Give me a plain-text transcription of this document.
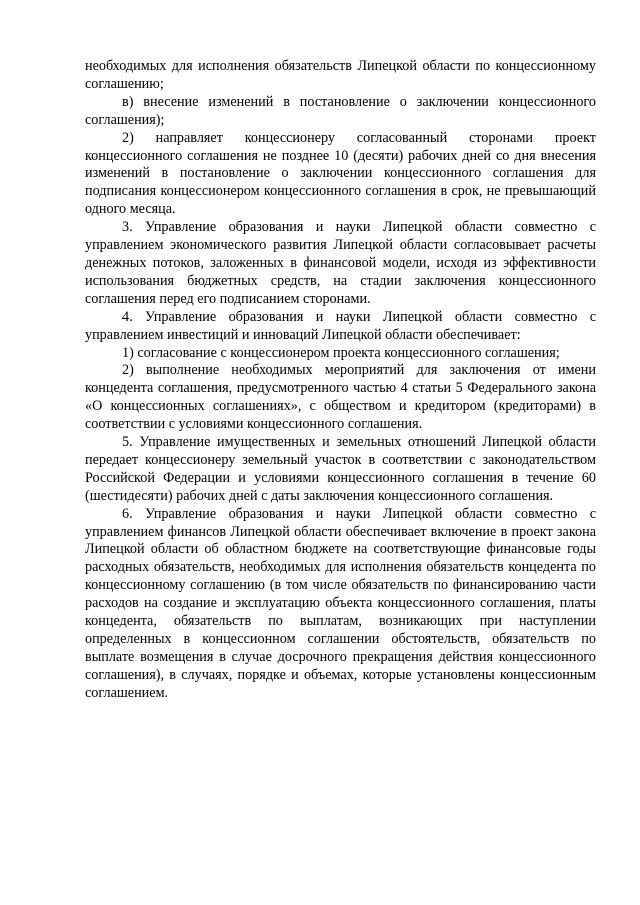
необходимых для исполнения обязательств Липецкой области по концессионному соглашению;

в) внесение изменений в постановление о заключении концессионного соглашения);

2) направляет концессионеру согласованный сторонами проект концессионного соглашения не позднее 10 (десяти) рабочих дней со дня внесения изменений в постановление о заключении концессионного соглашения для подписания концессионером концессионного соглашения в срок, не превышающий одного месяца.

3. Управление образования и науки Липецкой области совместно с управлением экономического развития Липецкой области согласовывает расчеты денежных потоков, заложенных в финансовой модели, исходя из эффективности использования бюджетных средств, на стадии заключения концессионного соглашения перед его подписанием сторонами.

4. Управление образования и науки Липецкой области совместно с управлением инвестиций и инноваций Липецкой области обеспечивает:

1) согласование с концессионером проекта концессионного соглашения;

2) выполнение необходимых мероприятий для заключения от имени концедента соглашения, предусмотренного частью 4 статьи 5 Федерального закона «О концессионных соглашениях», с обществом и кредитором (кредиторами) в соответствии с условиями концессионного соглашения.

5. Управление имущественных и земельных отношений Липецкой области передает концессионеру земельный участок в соответствии с законодательством Российской Федерации и условиями концессионного соглашения в течение 60 (шестидесяти) рабочих дней с даты заключения концессионного соглашения.

6. Управление образования и науки Липецкой области совместно с управлением финансов Липецкой области обеспечивает включение в проект закона Липецкой области об областном бюджете на соответствующие финансовые годы расходных обязательств, необходимых для исполнения обязательств концедента по концессионному соглашению (в том числе обязательств по финансированию части расходов на создание и эксплуатацию объекта концессионного соглашения, платы концедента, обязательств по выплатам, возникающих при наступлении определенных в концессионном соглашении обстоятельств, обязательств по выплате возмещения в случае досрочного прекращения действия концессионного соглашения), в случаях, порядке и объемах, которые установлены концессионным соглашением.
